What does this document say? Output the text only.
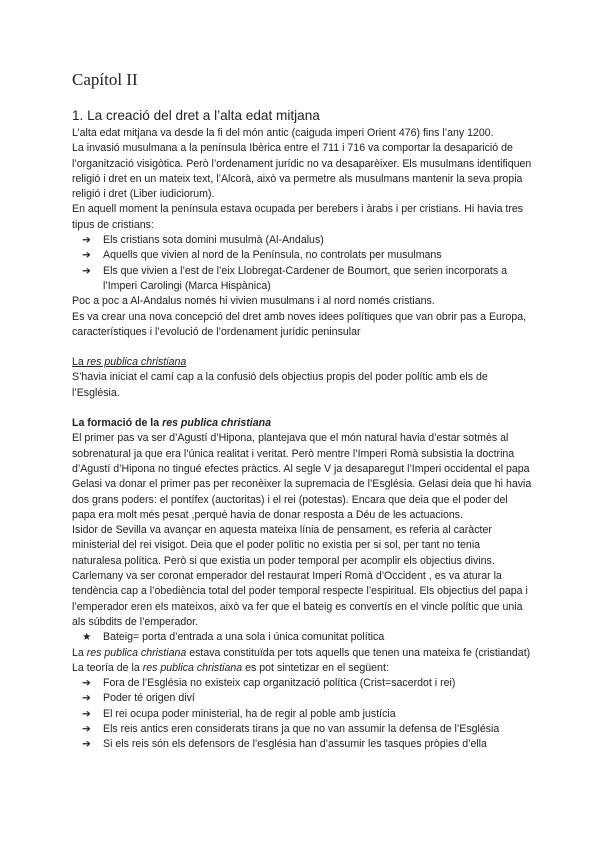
Capítol II
1. La creació del dret a l’alta edat mitjana

L’alta edat mitjana va desde la fi del món antic (caiguda imperi Orient 476) fins l’any 1200.

La invasió musulmana a la península Ibèrica entre el 711 i 716 va comportar la desaparició de l’organització visigòtica. Però l’ordenament jurídic no va desaparèixer. Els musulmans identifiquen religió i dret en un mateix text, l’Alcorà, això va permetre als musulmans mantenir la seva propia religió i dret (Liber iudiciorum).

En aquell moment la península estava ocupada per berebers i àrabs i per cristians. Hi havia tres tipus de cristians:

➔ Els cristians sota domini musulmà (Al-Andalus)
➔ Aquells que vivien al nord de la Península, no controlats per musulmans
➔ Els que vivien a l’est de l’eix Llobregat-Cardener de Boumort, que serien incorporats a l’Imperi Carolingi (Marca Hispànica)

Poc a poc a Al-Andalus només hi vivien musulmans i al nord només cristians.

Es va crear una nova concepció del dret amb noves idees polítiques que van obrir pas a Europa, característiques i l’evolució de l’ordenament jurídic peninsular

La res publica christiana

S’havia iniciat el camí cap a la confusió dels objectius propis del poder polític amb els de l’Església.

La formació de la res publica christiana

El primer pas va ser d’Agustí d’Hipona, plantejava que el món natural havia d’estar sotmès al sobrenatural ja que era l’única realitat i veritat. Però mentre l’Imperi Romà subsistia la doctrina d’Agustí d’Hipona no tingué efectes pràctics. Al segle V ja desaparegut l’Imperi occidental el papa Gelasi va donar el primer pas per reconèixer la supremacia de l’Església. Gelasi deia que hi havia dos grans poders: el pontífex (auctoritas) i el rei (potestas). Encara que deia que el poder del papa era molt més pesat ,perquè havia de donar resposta a Déu de les actuacions.

Isidor de Sevilla va avançar en aquesta mateixa línia de pensament, es referia al caràcter ministerial del rei visigot. Deia que el poder polític no existia per si sol, per tant no tenia naturalesa política. Però si que existia un poder temporal per acomplir els objectius divins. Carlemany va ser coronat emperador del restaurat Imperi Romà d’Occident , es va aturar la tendència cap a l’obediència total del poder temporal respecte l’espiritual. Els objectius del papa i l’emperador eren els mateixos, això va fer que el bateig es convertís en el vincle polític que unia als súbdits de l’emperador.

★ Bateig= porta d’entrada a una sola i única comunitat política

La res publica christiana estava constituïda per tots aquells que tenen una mateixa fe (cristiandat)

La teoría de la res publica christiana es pot sintetizar en el següent:

➔ Fora de l’Església no existeix cap organització política (Crist=sacerdot i rei)
➔ Poder té origen diví
➔ El rei ocupa poder ministerial, ha de regir al poble amb justícia
➔ Els reis antics eren considerats tirans ja que no van assumir la defensa de l’Església
➔ Si els reis són els defensors de l’església han d’assumir les tasques pròpies d’ella
